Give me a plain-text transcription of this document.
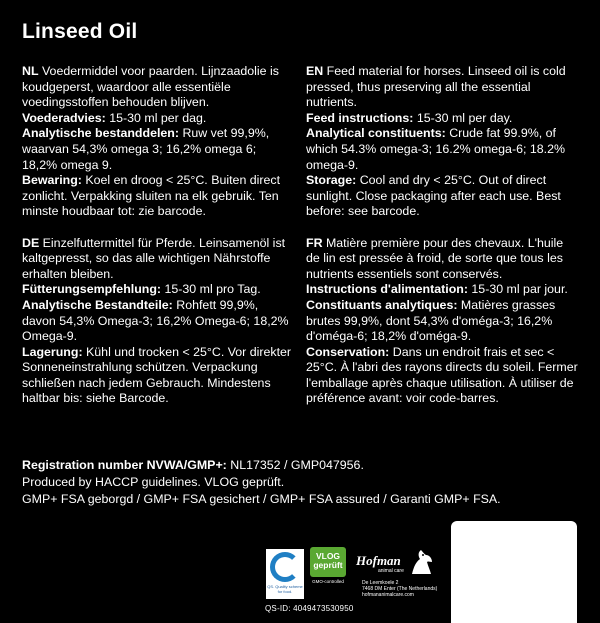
Linseed Oil
NL Voedermiddel voor paarden. Lijnzaadolie is koudgeperst, waardoor alle essentiële voedingsstoffen behouden blijven.
Voederadvies: 15-30 ml per dag.
Analytische bestanddelen: Ruw vet 99,9%, waarvan 54,3% omega 3; 16,2% omega 6; 18,2% omega 9.
Bewaring: Koel en droog < 25°C. Buiten direct zonlicht. Verpakking sluiten na elk gebruik. Ten minste houdbaar tot: zie barcode.
DE Einzelfuttermittel für Pferde. Leinsamenöl ist kaltgepresst, so das alle wichtigen Nährstoffe erhalten bleiben.
Fütterungsempfehlung: 15-30 ml pro Tag.
Analytische Bestandteile: Rohfett 99,9%, davon 54,3% Omega-3; 16,2% Omega-6; 18,2% Omega-9.
Lagerung: Kühl und trocken < 25°C. Vor direkter Sonneneinstrahlung schützen. Verpackung schließen nach jedem Gebrauch. Mindestens haltbar bis: siehe Barcode.
EN Feed material for horses. Linseed oil is cold pressed, thus preserving all the essential nutrients.
Feed instructions: 15-30 ml per day.
Analytical constituents: Crude fat 99.9%, of which 54.3% omega-3; 16.2% omega-6; 18.2% omega-9.
Storage: Cool and dry < 25°C. Out of direct sunlight. Close packaging after each use. Best before: see barcode.
FR Matière première pour des chevaux. L'huile de lin est pressée à froid, de sorte que tous les nutrients essentiels sont conservés.
Instructions d'alimentation: 15-30 ml par jour.
Constituants analytiques: Matières grasses brutes 99,9%, dont 54,3% d'oméga-3; 16,2% d'oméga-6; 18,2% d'oméga-9.
Conservation: Dans un endroit frais et sec < 25°C. À l'abri des rayons directs du soleil. Fermer l'emballage après chaque utilisation. À utiliser de préférence avant: voir code-barres.
Registration number NVWA/GMP+: NL17352 / GMP047956.
Produced by HACCP guidelines. VLOG geprüft.
GMP+ FSA geborgd / GMP+ FSA gesichert / GMP+ FSA assured / Garanti GMP+ FSA.
QS. Quality scheme for food.
VLOG
geprüft
GMO-controlled
QS-ID: 4049473530950
Hofman
animal care
De Leemkoele 2
7468 DM Enter (The Netherlands)
hofmananimalcare.com
